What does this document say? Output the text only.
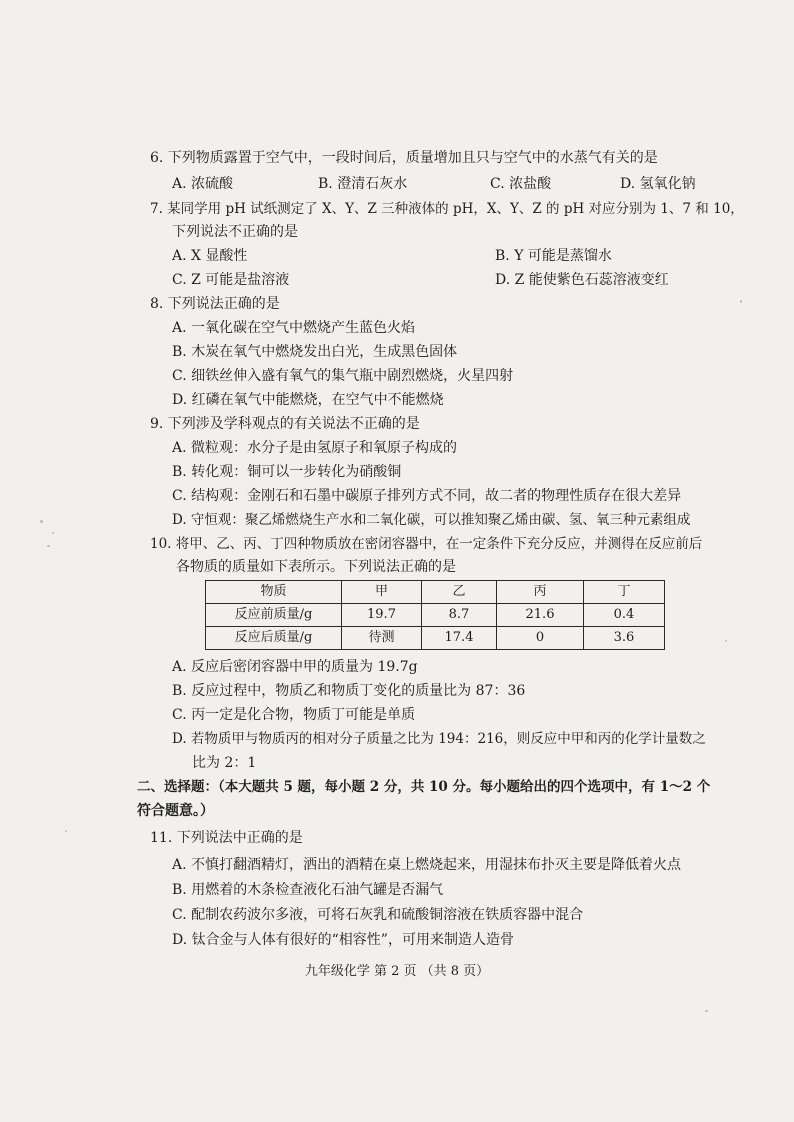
6. 下列物质露置于空气中，一段时间后，质量增加且只与空气中的水蒸气有关的是
A. 浓硫酸	B. 澄清石灰水	C. 浓盐酸	D. 氢氧化钠
7. 某同学用 pH 试纸测定了 X、Y、Z 三种液体的 pH，X、Y、Z 的 pH 对应分别为 1、7 和 10，
下列说法不正确的是
A. X 显酸性	B. Y 可能是蒸馏水
C. Z 可能是盐溶液	D. Z 能使紫色石蕊溶液变红
8. 下列说法正确的是
A. 一氧化碳在空气中燃烧产生蓝色火焰
B. 木炭在氧气中燃烧发出白光，生成黑色固体
C. 细铁丝伸入盛有氧气的集气瓶中剧烈燃烧，火星四射
D. 红磷在氧气中能燃烧，在空气中不能燃烧
9. 下列涉及学科观点的有关说法不正确的是
A. 微粒观：水分子是由氢原子和氧原子构成的
B. 转化观：铜可以一步转化为硝酸铜
C. 结构观：金刚石和石墨中碳原子排列方式不同，故二者的物理性质存在很大差异
D. 守恒观：聚乙烯燃烧生产水和二氧化碳，可以推知聚乙烯由碳、氢、氧三种元素组成
10. 将甲、乙、丙、丁四种物质放在密闭容器中，在一定条件下充分反应，并测得在反应前后
各物质的质量如下表所示。下列说法正确的是
物质	甲	乙	丙	丁
反应前质量/g	19.7	8.7	21.6	0.4
反应后质量/g	待测	17.4	0	3.6
A. 反应后密闭容器中甲的质量为 19.7g
B. 反应过程中，物质乙和物质丁变化的质量比为 87：36
C. 丙一定是化合物，物质丁可能是单质
D. 若物质甲与物质丙的相对分子质量之比为 194：216，则反应中甲和丙的化学计量数之
比为 2：1
二、选择题：（本大题共 5 题，每小题 2 分，共 10 分。每小题给出的四个选项中，有 1～2 个
符合题意。）
11. 下列说法中正确的是
A. 不慎打翻酒精灯，洒出的酒精在桌上燃烧起来，用湿抹布扑灭主要是降低着火点
B. 用燃着的木条检查液化石油气罐是否漏气
C. 配制农药波尔多液，可将石灰乳和硫酸铜溶液在铁质容器中混合
D. 钛合金与人体有很好的“相容性”，可用来制造人造骨
九年级化学 第 2 页 （共 8 页）
